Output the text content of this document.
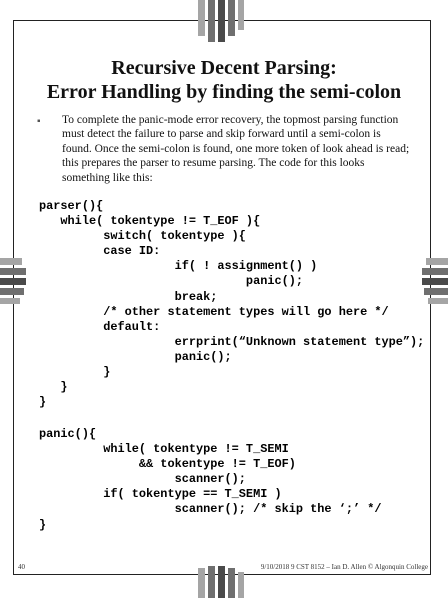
Recursive Decent Parsing:
Error Handling by finding the semi-colon
▪ To complete the panic-mode error recovery, the topmost parsing function must detect the failure to parse and skip forward until a semi-colon is found. Once the semi-colon is found, one more token of look ahead is read; this prepares the parser to resume parsing. The code for this looks something like this:
parser(){
while( tokentype != T_EOF ){
switch( tokentype ){
case ID:
if( ! assignment() )
panic();
break;
/* other statement types will go here */
default:
errprint(“Unknown statement type”);
panic();
}
}
}
panic(){
while( tokentype != T_SEMI
&& tokentype != T_EOF)
scanner();
if( tokentype == T_SEMI )
scanner(); /* skip the ‘;’ */
}
40	9/10/2018 9 CST 8152 – Ian D. Allen © Algonquin College
